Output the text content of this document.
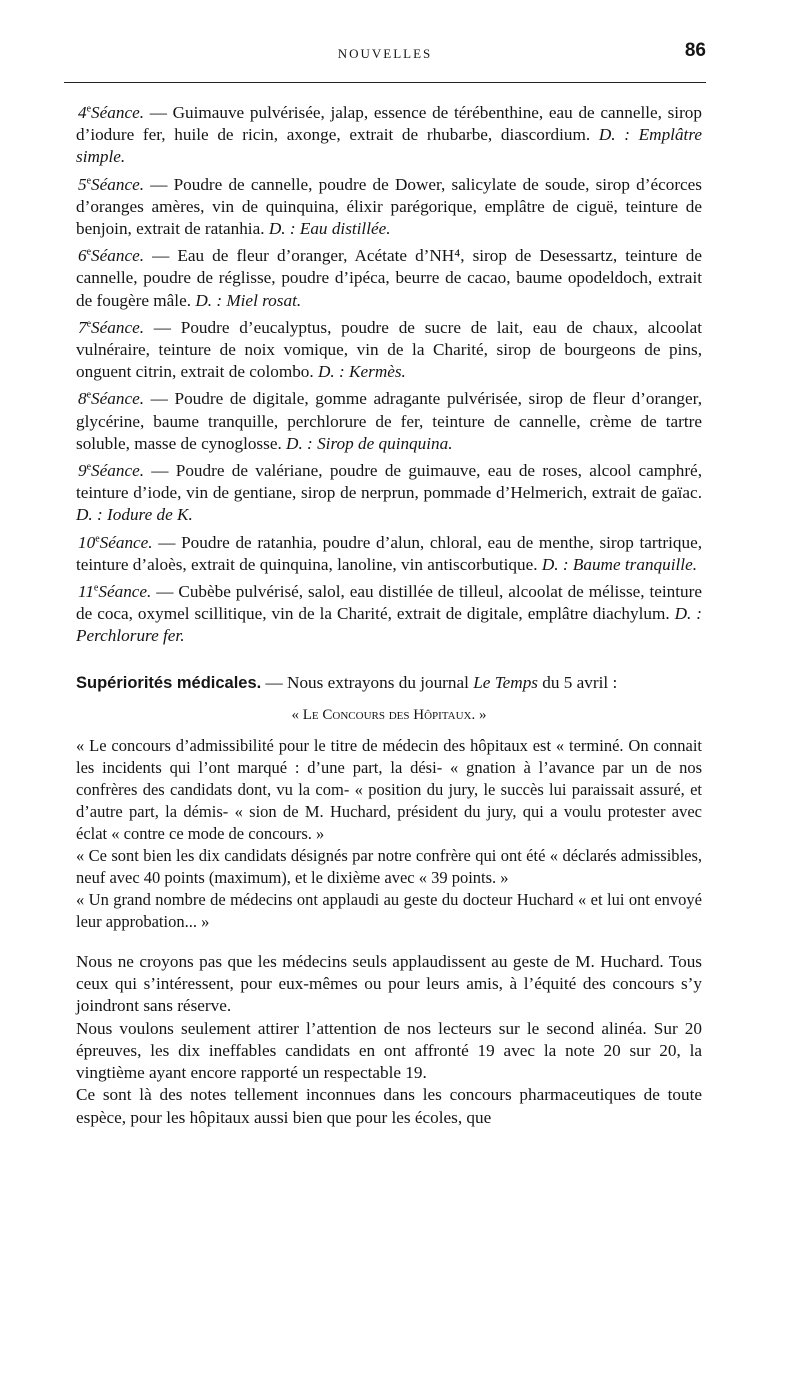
NOUVELLES	86

4eSéance. — Guimauve pulvérisée, jalap, essence de térébenthine, eau de cannelle, sirop d’iodure fer, huile de ricin, axonge, extrait de rhubarbe, diascordium. D. : Emplâtre simple.

5eSéance. — Poudre de cannelle, poudre de Dower, salicylate de soude, sirop d’écorces d’oranges amères, vin de quinquina, élixir parégorique, emplâtre de ciguë, teinture de benjoin, extrait de ratanhia. D. : Eau distillée.

6eSéance. — Eau de fleur d’oranger, Acétate d’NH⁴, sirop de Desessartz, teinture de cannelle, poudre de réglisse, poudre d’ipéca, beurre de cacao, baume opodeldoch, extrait de fougère mâle. D. : Miel rosat.

7eSéance. — Poudre d’eucalyptus, poudre de sucre de lait, eau de chaux, alcoolat vulnéraire, teinture de noix vomique, vin de la Charité, sirop de bourgeons de pins, onguent citrin, extrait de colombo. D. : Kermès.

8eSéance. — Poudre de digitale, gomme adragante pulvérisée, sirop de fleur d’oranger, glycérine, baume tranquille, perchlorure de fer, teinture de cannelle, crème de tartre soluble, masse de cynoglosse. D. : Sirop de quinquina.

9eSéance. — Poudre de valériane, poudre de guimauve, eau de roses, alcool camphré, teinture d’iode, vin de gentiane, sirop de nerprun, pommade d’Helmerich, extrait de gaïac. D. : Iodure de K.

10eSéance. — Poudre de ratanhia, poudre d’alun, chloral, eau de menthe, sirop tartrique, teinture d’aloès, extrait de quinquina, lanoline, vin antiscorbutique. D. : Baume tranquille.

11eSéance. — Cubèbe pulvérisé, salol, eau distillée de tilleul, alcoolat de mélisse, teinture de coca, oxymel scillitique, vin de la Charité, extrait de digitale, emplâtre diachylum. D. : Perchlorure fer.

Supériorités médicales. — Nous extrayons du journal Le Temps du 5 avril :

« Le Concours des Hôpitaux. »

« Le concours d’admissibilité pour le titre de médecin des hôpitaux est « terminé. On connait les incidents qui l’ont marqué : d’une part, la dési- « gnation à l’avance par un de nos confrères des candidats dont, vu la com- « position du jury, le succès lui paraissait assuré, et d’autre part, la démis- « sion de M. Huchard, président du jury, qui a voulu protester avec éclat « contre ce mode de concours. »

« Ce sont bien les dix candidats désignés par notre confrère qui ont été « déclarés admissibles, neuf avec 40 points (maximum), et le dixième avec « 39 points. »

« Un grand nombre de médecins ont applaudi au geste du docteur Huchard « et lui ont envoyé leur approbation... »

Nous ne croyons pas que les médecins seuls applaudissent au geste de M. Huchard. Tous ceux qui s’intéressent, pour eux-mêmes ou pour leurs amis, à l’équité des concours s’y joindront sans réserve.

Nous voulons seulement attirer l’attention de nos lecteurs sur le second alinéa. Sur 20 épreuves, les dix ineffables candidats en ont affronté 19 avec la note 20 sur 20, la vingtième ayant encore rapporté un respectable 19.

Ce sont là des notes tellement inconnues dans les concours pharmaceutiques de toute espèce, pour les hôpitaux aussi bien que pour les écoles, que
